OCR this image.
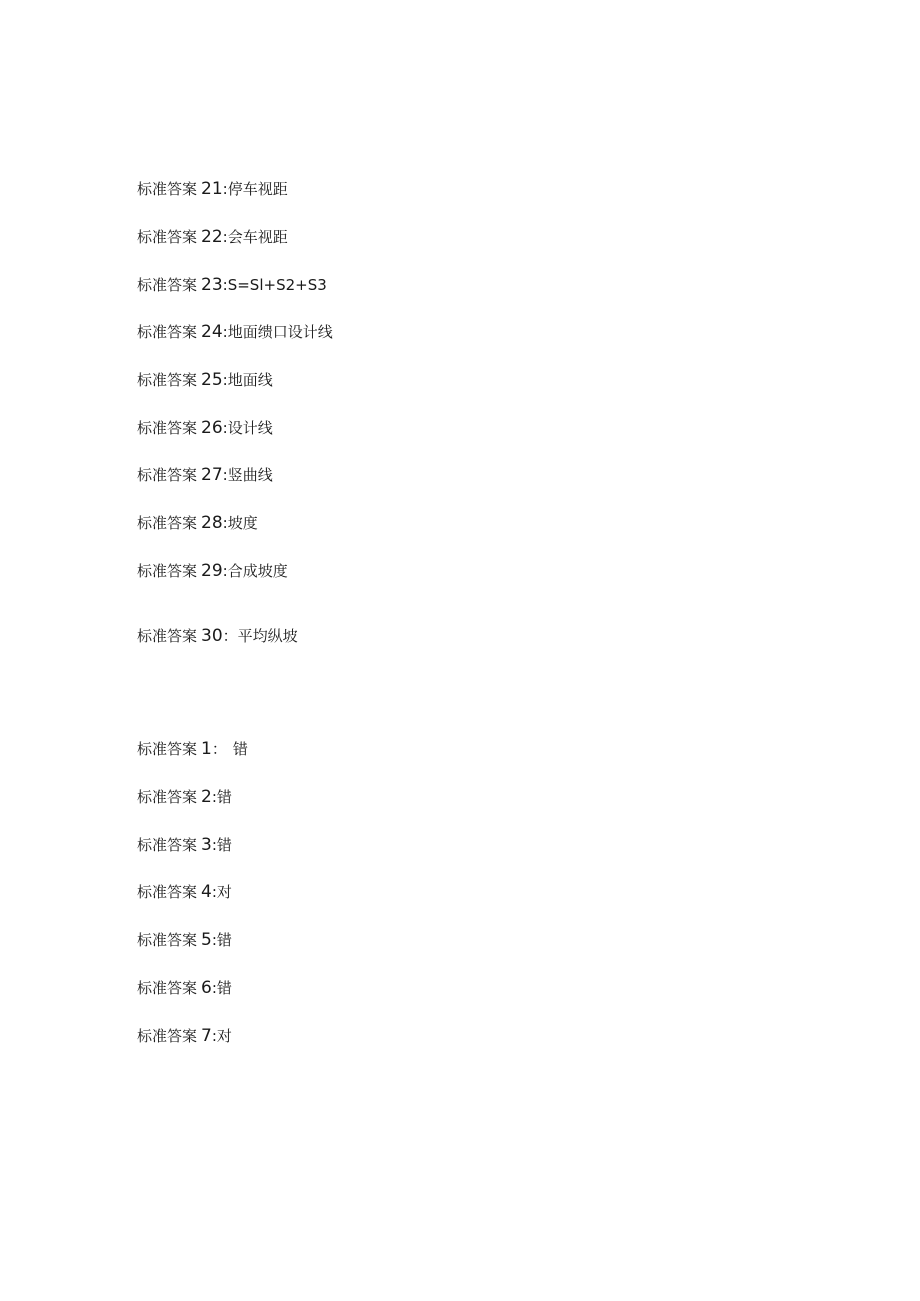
标准答案 21:停车视距
标准答案 22:会车视距
标准答案 23:S=Sl+S2+S3
标准答案 24:地面缋口设计线
标准答案 25:地面线
标准答案 26:设计线
标准答案 27:竖曲线
标准答案 28:坡度
标准答案 29:合成坡度
标准答案 30：平均纵坡
标准答案 1： 错
标准答案 2:错
标准答案 3:错
标准答案 4:对
标准答案 5:错
标准答案 6:错
标准答案 7:对
